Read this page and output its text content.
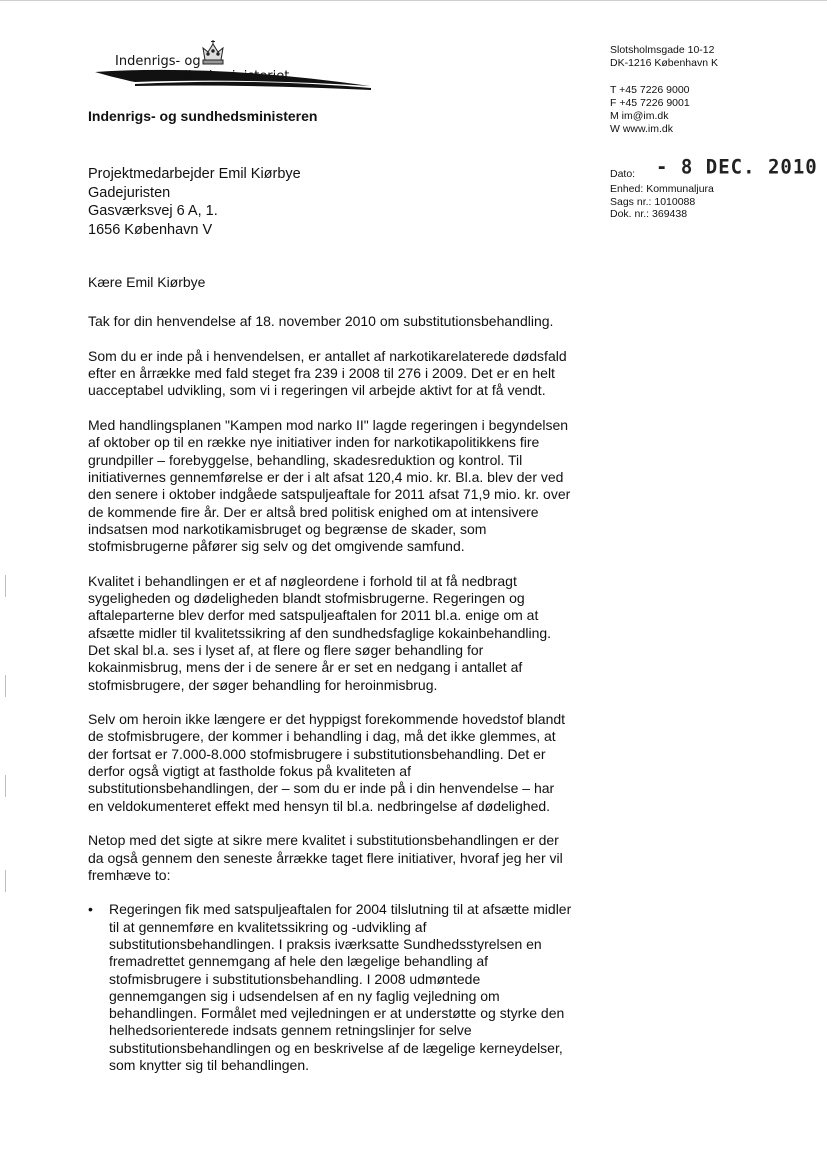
Indenrigs- og
Sundhedsministeriet
Indenrigs- og sundhedsministeren
Slotsholmsgade 10-12
DK-1216 København K
T +45 7226 9000
F +45 7226 9001
M im@im.dk
W www.im.dk
Dato: - 8 DEC. 2010
Enhed: Kommunaljura
Sags nr.: 1010088
Dok. nr.: 369438
Projektmedarbejder Emil Kiørbye
Gadejuristen
Gasværksvej 6 A, 1.
1656 København V

Kære Emil Kiørbye

Tak for din henvendelse af 18. november 2010 om substitutionsbehandling.

Som du er inde på i henvendelsen, er antallet af narkotikarelaterede dødsfald efter en årrække med fald steget fra 239 i 2008 til 276 i 2009. Det er en helt uacceptabel udvikling, som vi i regeringen vil arbejde aktivt for at få vendt.

Med handlingsplanen "Kampen mod narko II" lagde regeringen i begyndelsen af oktober op til en række nye initiativer inden for narkotikapolitikkens fire grundpiller – forebyggelse, behandling, skadesreduktion og kontrol. Til initiativernes gennemførelse er der i alt afsat 120,4 mio. kr. Bl.a. blev der ved den senere i oktober indgåede satspuljeaftale for 2011 afsat 71,9 mio. kr. over de kommende fire år. Der er altså bred politisk enighed om at intensivere indsatsen mod narkotikamisbruget og begrænse de skader, som stofmisbrugerne påfører sig selv og det omgivende samfund.

Kvalitet i behandlingen er et af nøgleordene i forhold til at få nedbragt sygeligheden og dødeligheden blandt stofmisbrugerne. Regeringen og aftaleparterne blev derfor med satspuljeaftalen for 2011 bl.a. enige om at afsætte midler til kvalitetssikring af den sundhedsfaglige kokainbehandling. Det skal bl.a. ses i lyset af, at flere og flere søger behandling for kokainmisbrug, mens der i de senere år er set en nedgang i antallet af stofmisbrugere, der søger behandling for heroinmisbrug.

Selv om heroin ikke længere er det hyppigst forekommende hovedstof blandt de stofmisbrugere, der kommer i behandling i dag, må det ikke glemmes, at der fortsat er 7.000-8.000 stofmisbrugere i substitutionsbehandling. Det er derfor også vigtigt at fastholde fokus på kvaliteten af substitutionsbehandlingen, der – som du er inde på i din henvendelse – har en veldokumenteret effekt med hensyn til bl.a. nedbringelse af dødelighed.

Netop med det sigte at sikre mere kvalitet i substitutionsbehandlingen er der da også gennem den seneste årrække taget flere initiativer, hvoraf jeg her vil fremhæve to:

• Regeringen fik med satspuljeaftalen for 2004 tilslutning til at afsætte midler til at gennemføre en kvalitetssikring og -udvikling af substitutionsbehandlingen. I praksis iværksatte Sundhedsstyrelsen en fremadrettet gennemgang af hele den lægelige behandling af stofmisbrugere i substitutionsbehandling. I 2008 udmøntede gennemgangen sig i udsendelsen af en ny faglig vejledning om behandlingen. Formålet med vejledningen er at understøtte og styrke den helhedsorienterede indsats gennem retningslinjer for selve substitutionsbehandlingen og en beskrivelse af de lægelige kerneydelser, som knytter sig til behandlingen.
